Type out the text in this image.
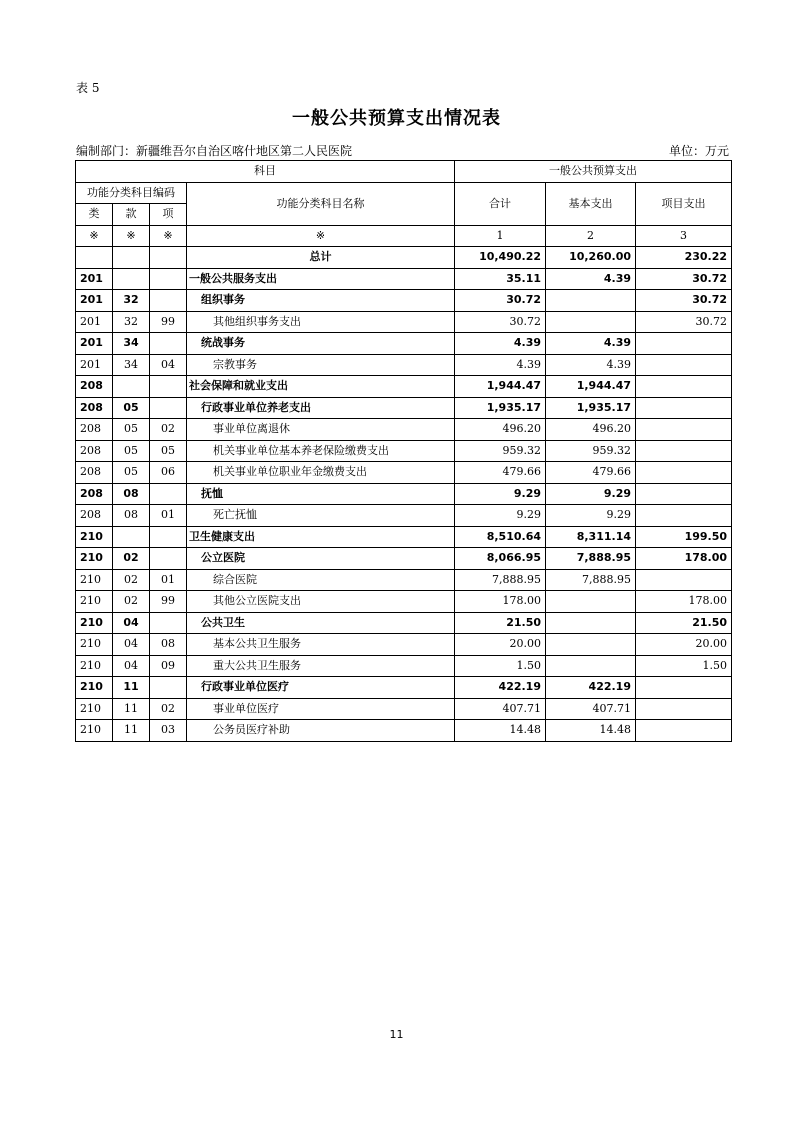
表 5
一般公共预算支出情况表
编制部门：新疆维吾尔自治区喀什地区第二人民医院	单位：万元
科目				一般公共预算支出		
功能分类科目编码			功能分类科目名称	合计	基本支出	项目支出
类	款	项				
※	※	※	※	1	2	3
			总计	10,490.22	10,260.00	230.22
201			一般公共服务支出	35.11	4.39	30.72
201	32		组织事务	30.72		30.72
201	32	99	其他组织事务支出	30.72		30.72
201	34		统战事务	4.39	4.39	
201	34	04	宗教事务	4.39	4.39	
208			社会保障和就业支出	1,944.47	1,944.47	
208	05		行政事业单位养老支出	1,935.17	1,935.17	
208	05	02	事业单位离退休	496.20	496.20	
208	05	05	机关事业单位基本养老保险缴费支出	959.32	959.32	
208	05	06	机关事业单位职业年金缴费支出	479.66	479.66	
208	08		抚恤	9.29	9.29	
208	08	01	死亡抚恤	9.29	9.29	
210			卫生健康支出	8,510.64	8,311.14	199.50
210	02		公立医院	8,066.95	7,888.95	178.00
210	02	01	综合医院	7,888.95	7,888.95	
210	02	99	其他公立医院支出	178.00		178.00
210	04		公共卫生	21.50		21.50
210	04	08	基本公共卫生服务	20.00		20.00
210	04	09	重大公共卫生服务	1.50		1.50
210	11		行政事业单位医疗	422.19	422.19	
210	11	02	事业单位医疗	407.71	407.71	
210	11	03	公务员医疗补助	14.48	14.48	
11
